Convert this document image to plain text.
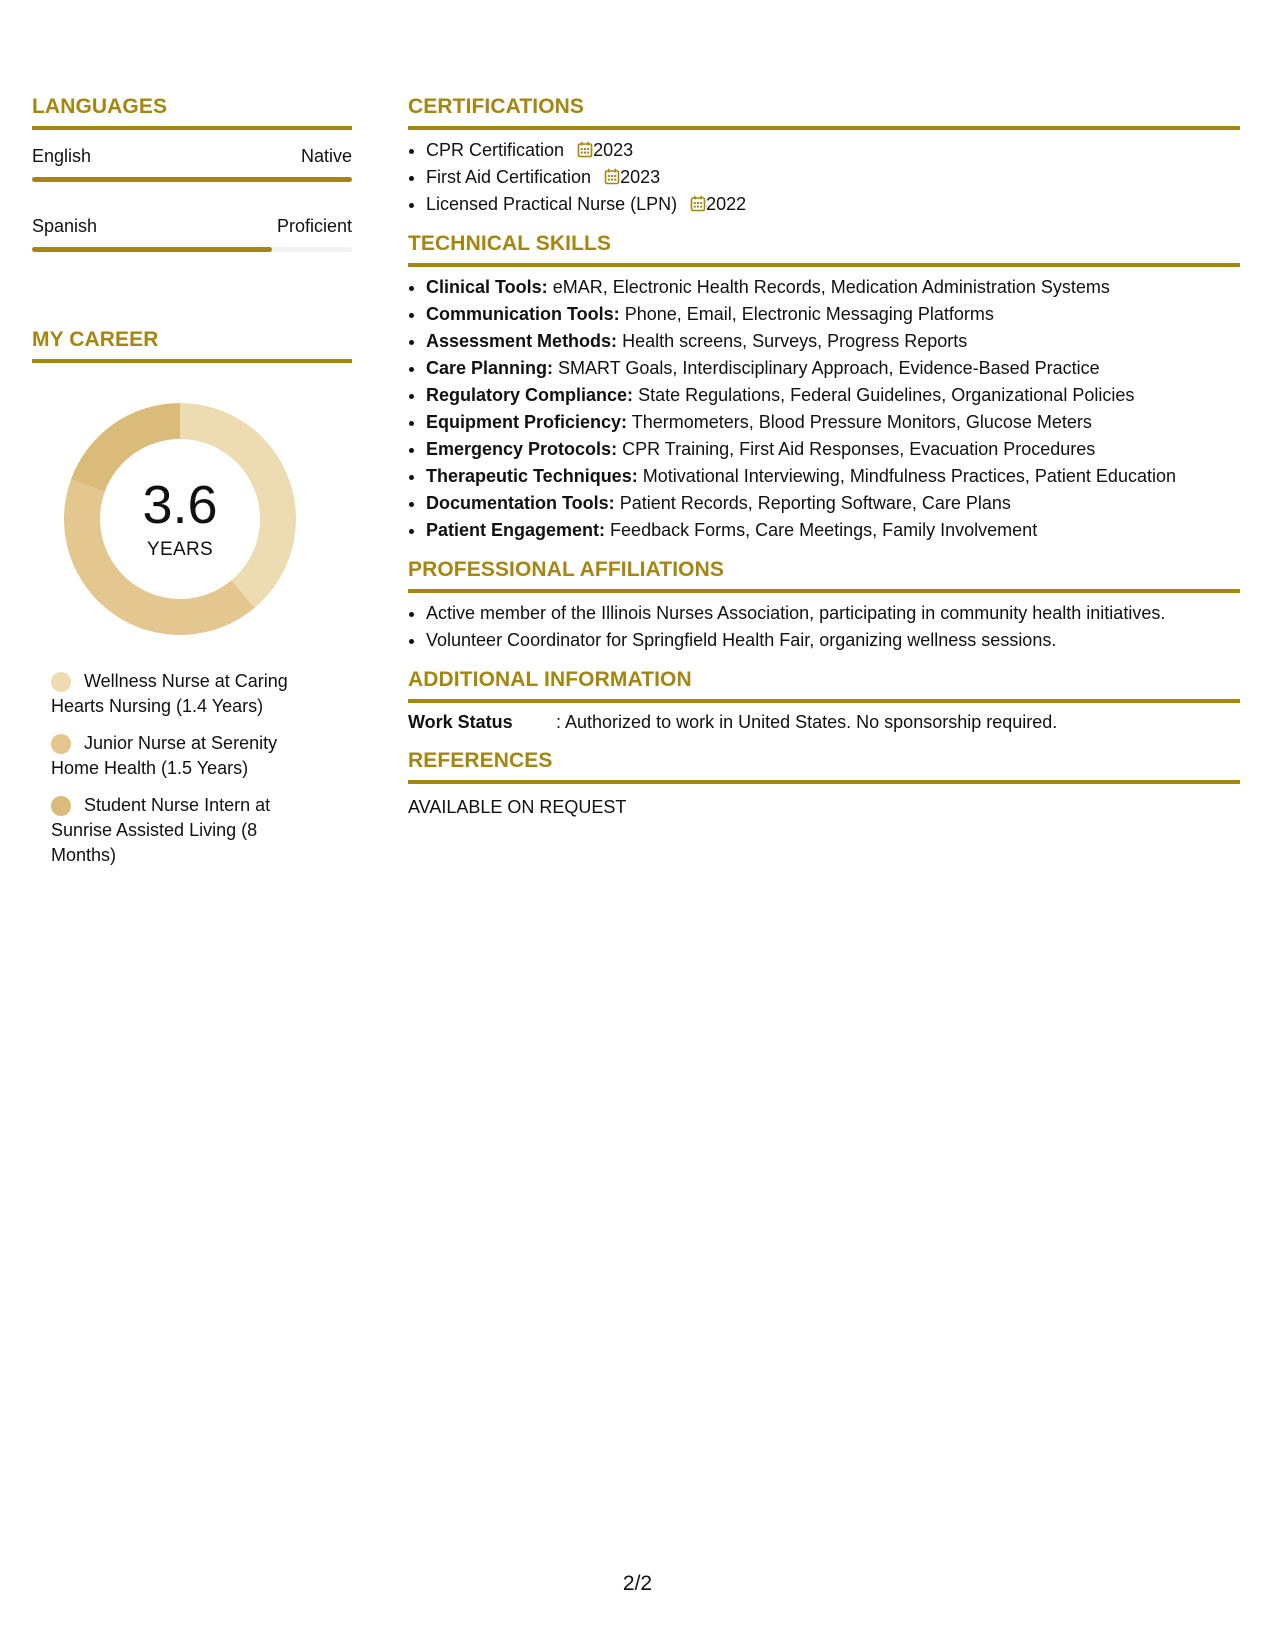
LANGUAGES
English	Native
Spanish	Proficient
MY CAREER
3.6
YEARS
Wellness Nurse at Caring Hearts Nursing (1.4 Years)
Junior Nurse at Serenity Home Health (1.5 Years)
Student Nurse Intern at Sunrise Assisted Living (8 Months)
CERTIFICATIONS
• CPR Certification 2023
• First Aid Certification 2023
• Licensed Practical Nurse (LPN) 2022
TECHNICAL SKILLS
• Clinical Tools: eMAR, Electronic Health Records, Medication Administration Systems
• Communication Tools: Phone, Email, Electronic Messaging Platforms
• Assessment Methods: Health screens, Surveys, Progress Reports
• Care Planning: SMART Goals, Interdisciplinary Approach, Evidence-Based Practice
• Regulatory Compliance: State Regulations, Federal Guidelines, Organizational Policies
• Equipment Proficiency: Thermometers, Blood Pressure Monitors, Glucose Meters
• Emergency Protocols: CPR Training, First Aid Responses, Evacuation Procedures
• Therapeutic Techniques: Motivational Interviewing, Mindfulness Practices, Patient Education
• Documentation Tools: Patient Records, Reporting Software, Care Plans
• Patient Engagement: Feedback Forms, Care Meetings, Family Involvement
PROFESSIONAL AFFILIATIONS
• Active member of the Illinois Nurses Association, participating in community health initiatives.
• Volunteer Coordinator for Springfield Health Fair, organizing wellness sessions.
ADDITIONAL INFORMATION
Work Status : Authorized to work in United States. No sponsorship required.
REFERENCES
AVAILABLE ON REQUEST
2/2
